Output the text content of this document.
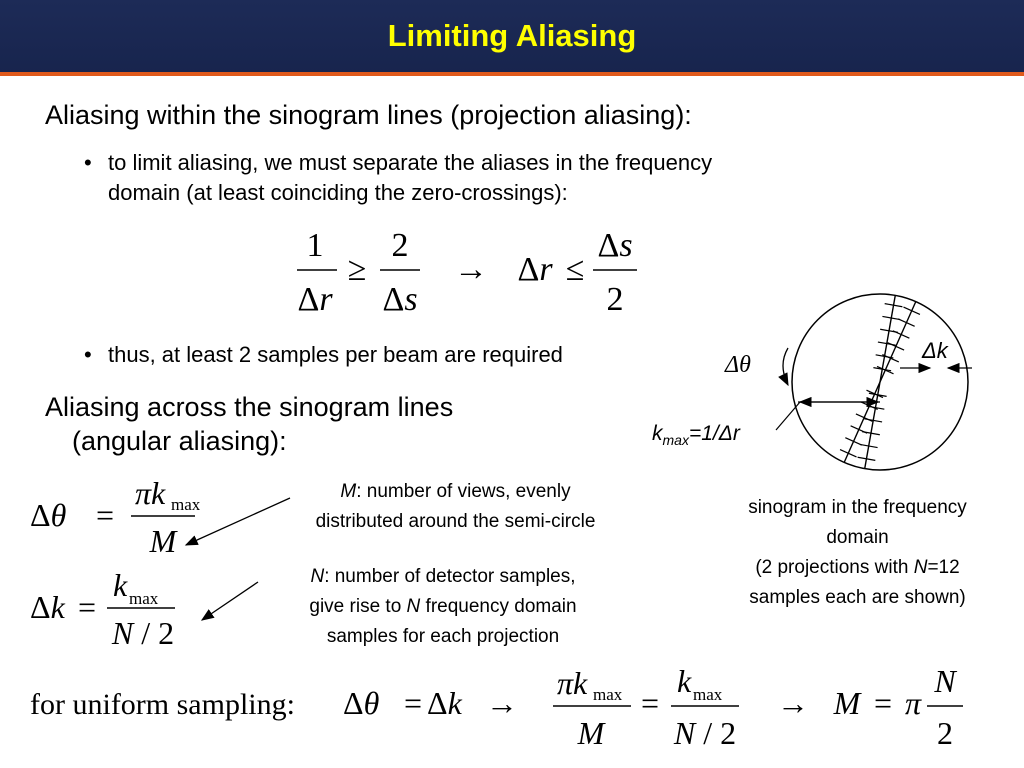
Limiting Aliasing
Aliasing within the sinogram lines (projection aliasing):
• to limit aliasing, we must separate the aliases in the frequency
domain (at least coinciding the zero-crossings):
1
Δr
≥
2
Δs
→ Δr ≤
Δs
2
• thus, at least 2 samples per beam are required
Aliasing across the sinogram lines
(angular aliasing):
Δθ =
πk max
M
Δk =
k max
N / 2
M: number of views, evenly
distributed around the semi-circle
N: number of detector samples,
give rise to N frequency domain
samples for each projection
Δθ
Δk
$k_{max}=1/\Delta r$
sinogram in the frequency
domain
(2 projections with N=12
samples each are shown)
for uniform sampling: Δθ = Δk →
πk max
M
=
k max
N / 2
→ M = π
N
2
